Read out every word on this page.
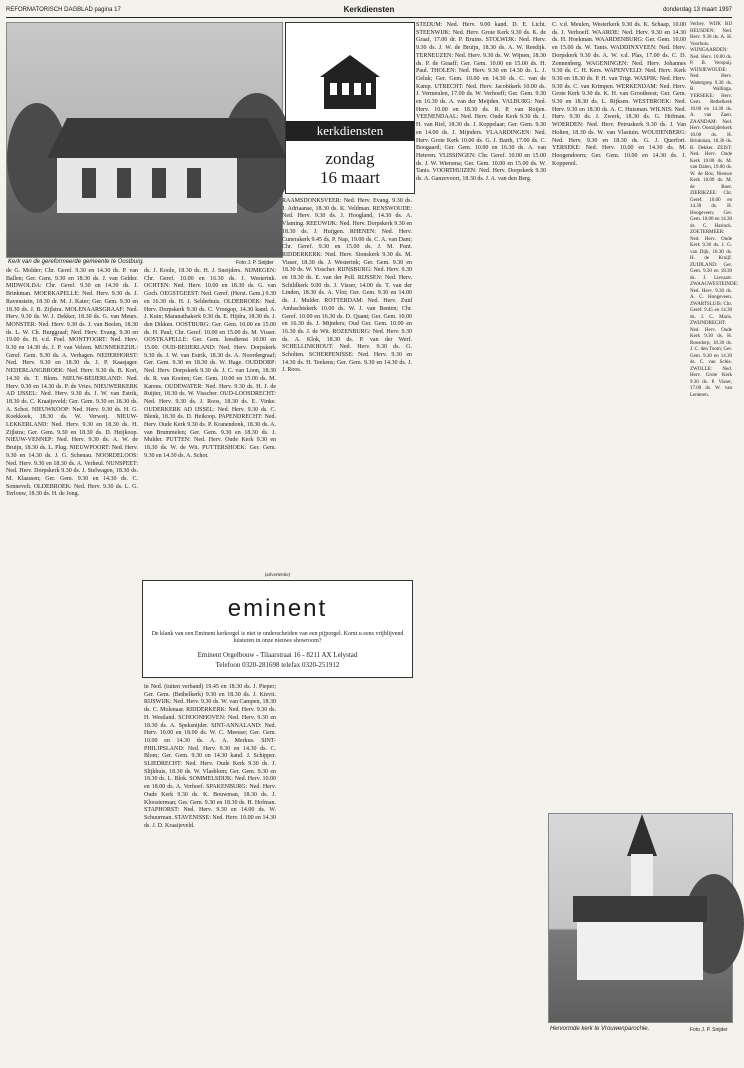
REFORMATORISCH DAGBLAD pagina 17	Kerkdiensten	donderdag 13 maart 1997
Kerk van de gereformeerde gemeente te Oostburg.	Foto J. P. Snijder
kerkdiensten
zondag
16 maart
Hervormde kerk te Vrouwenparochie.	Foto J. P. Snijder
(advertentie)
eminent
De klank van een Eminent kerkorgel is niet te onderscheiden van een pijporgel. Komt u eens vrijblijvend luisteren in onze nieuwe showroom?
Eminent Orgelbouw - Tilaarstraat 16 - 8211 AX Lelystad
Telefoon 0320-281698 telefax 0320-251912

de G. Molder; Chr. Geref. 9.30 en 14.30 ds. P. van Ballen; Ger. Gem. 9.30 en 18.30 ds. J. van Gelder. MIDWOLDA: Chr. Geref. 9.30 en 14.30 ds. J. Brinkman. MOERKAPELLE: Ned. Herv. 9.30 ds. J. Ravenstein, 18.30 dr. M. J. Kater; Ger. Gem. 9.30 en 18.30 ds. J. B. Zijlstra. MOLENAARSGRAAF: Ned. Herv. 9.30 ds. W. J. Dekker, 18.30 ds. G. van Meurs. MONSTER: Ned. Herv. 9.30 ds. J. van Beelen, 18.30 ds. L. W. Ch. Burggraaf; Ned. Herv. Evang. 9.30 en 19.00 ds. H. v.d. Poel. MONTFOORT: Ned. Herv. 9.30 en 14.30 ds. J. P. van Velzen. MUNNEKEZIJL: Geref. Gem. 9.30 ds. A. Verhagen. NEDERHORST: Ned. Herv. 9.30 en 18.30 ds. J. P. Kaasjager. NEDERLANGBROEK: Ned. Herv. 9.30 ds. B. Kort, 14.30 ds. T. Blom. NIEUW-BEIJERLAND: Ned. Herv. 9.30 en 14.30 ds. P. de Vries. NIEUWERKERK AD IJSSEL: Ned. Herv. 9.30 ds. J. W. van Estrik, 18.30 ds. C. Kraaijeveld; Ger. Gem. 9.30 en 18.30 ds. A. Schot. NIEUWKOOP: Ned. Herv. 9.30 ds. H. G. Koekkoek, 18.30 ds. W. Verweij. NIEUW-LEKKERLAND: Ned. Herv. 9.30 en 18.30 ds. H. Zijlstra; Ger. Gem. 9.30 en 18.30 ds. D. Heijkoop. NIEUW-VENNEP: Ned. Herv. 9.30 ds. A. W. de Bruijn, 18.30 ds. L. Plug. NIEUWPOORT: Ned. Herv. 9.30 en 14.30 ds. J. G. Schenau. NOORDELOOS: Ned. Herv. 9.30 en 18.30 ds. A. Verheul. NUNSPEET: Ned. Herv. Dorpskerk 9.30 ds. J. Stelwagen, 18.30 ds. M. Klaassen; Ger. Gem. 9.30 en 14.30 ds. C. Sonnevelt. OLDEBROEK: Ned. Herv. 9.30 ds. L. G. Terlouw, 18.30 ds. H. de Jong.

ds. J. Koole, 18.30 ds. H. J. Sneijders. NIJMEGEN: Chr. Geref. 10.00 en 16.30 ds. J. Westerink. OCHTEN: Ned. Herv. 10.00 en 18.30 ds. G. van Goch. OEGSTGEEST: Ned. Geref. (Herst. Gem.) 9.30 en 16.30 ds. H. J. Selderhuis. OLDEBROEK: Ned. Herv. Dorpskerk 9.30 ds. C. Vroegop, 14.30 kand. A. J. Kuin; Maranathakerk 9.30 ds. E. Hijdra, 18.30 ds. J. den Dikken. OOSTBURG: Ger. Gem. 10.00 en 15.00 ds. H. Paul; Chr. Geref. 10.00 en 15.00 ds. M. Visser. OOSTKAPELLE: Ger. Gem. leesdienst 10.00 en 15.00. OUD-BEIJERLAND: Ned. Herv. Dorpskerk 9.30 ds. J. W. van Estrik, 18.30 ds. A. Noordergraaf; Ger. Gem. 9.30 en 18.30 ds. W. Hage. OUDDORP: Ned. Herv. Dorpskerk 9.30 ds. J. C. van Loon, 18.30 ds. R. van Kooten; Ger. Gem. 10.00 en 15.00 ds. M. Karens. OUDEWATER: Ned. Herv. 9.30 ds. H. J. de Ruijter, 18.30 ds. W. Visscher. OUD-LOOSDRECHT: Ned. Herv. 9.30 ds. J. Roos, 18.30 ds. E. Vinke. OUDERKERK AD IJSSEL: Ned. Herv. 9.30 ds. C. Blenk, 18.30 ds. D. Heikoop. PAPENDRECHT: Ned. Herv. Oude Kerk 9.30 ds. P. Kranendonk, 18.30 ds. A. van Brummelen; Ger. Gem. 9.30 en 18.30 ds. J. Mulder. PUTTEN: Ned. Herv. Oude Kerk 9.30 en 18.30 ds. W. de Wit. PUTTERSHOEK: Ger. Gem. 9.30 en 14.30 ds. A. Schot.

RAAMSDONKSVEER: Ned. Herv. Evang. 9.30 ds. J. Adriaanse, 18.30 ds. K. Veldman. RENSWOUDE: Ned. Herv. 9.30 ds. J. Hoogland, 14.30 ds. A. Vlaming. REEUWIJK: Ned. Herv. Dorpskerk 9.30 en 18.30 ds. J. Huijgen. RHENEN: Ned. Herv. Cunerakerk 9.45 ds. P. Nap, 19.00 ds. C. A. van Dam; Chr. Geref. 9.30 en 15.00 ds. J. M. Punt. RIDDERKERK: Ned. Herv. Sionskerk 9.30 ds. M. Visser, 18.30 ds. J. Westerink; Ger. Gem. 9.30 en 18.30 ds. W. Visscher. RIJNSBURG: Ned. Herv. 9.30 en 18.30 ds. E. van der Poll. RIJSSEN: Ned. Herv. Schildkerk 9.00 ds. J. Visser, 14.00 ds. T. van der Linden, 18.30 ds. A. Vlot; Ger. Gem. 9.30 en 14.00 ds. J. Mulder. ROTTERDAM: Ned. Herv. Zuid Ambachtskerk 10.00 ds. W. J. van Benten; Chr. Geref. 10.00 en 16.30 ds. D. Quant; Ger. Gem. 10.00 en 16.30 ds. J. Mijnders; Oud Ger. Gem. 10.00 en 16.30 ds. J. de Wit. ROZENBURG: Ned. Herv. 9.30 ds. A. Klok, 18.30 ds. P. van der Werf. SCHELLINKHOUT: Ned. Herv. 9.30 ds. G. Scholten. SCHERPENISSE: Ned. Herv. 9.30 en 14.30 ds. H. Teekens; Ger. Gem. 9.30 en 14.30 ds. J. J. Roos.

in Ned. (tuiten verband) 19.45 en 18.30 ds. J. Pieper; Ger. Gem. (Bethelkerk) 9.30 en 18.30 ds. J. Kievit. RIJSWIJK: Ned. Herv. 9.30 ds. W. van Campen, 18.30 ds. C. Molenaar. RIDDERKERK: Ned. Herv. 9.30 ds. H. Westland. SCHOONHOVEN: Ned. Herv. 9.30 en 18.30 ds. A. Speksnijder. SINT-ANNALAND: Ned. Herv. 10.00 en 18.00 ds. W. C. Meeuse; Ger. Gem. 10.00 en 14.30 ds. A. A. Merkus. SINT-PHILIPSLAND: Ned. Herv. 9.30 en 14.30 ds. C. Blom; Ger. Gem. 9.30 en 14.30 kand. J. Schipper. SLIEDRECHT: Ned. Herv. Oude Kerk 9.30 ds. J. Slijkhuis, 18.30 ds. W. Vlasblom; Ger. Gem. 9.30 en 18.30 ds. L. Blok. SOMMELSDIJK: Ned. Herv. 10.00 en 18.00 ds. A. Verhoef. SPAKENBURG: Ned. Herv. Oude Kerk 9.30 ds. K. Bouwman, 18.30 ds. J. Kloosterman; Ger. Gem. 9.30 en 18.30 ds. H. Hofman. STAPHORST: Ned. Herv. 9.30 en 14.00 ds. W. Schuurman. STAVENISSE: Ned. Herv. 10.00 en 14.30 ds. J. D. Kraaijeveld.

STEDUM: Ned. Herv. 9.00 kand. D. E. Licht. STEENWIJK: Ned. Herv. Grote Kerk 9.30 ds. K. de Graaf, 17.00 dr. P. Bruins. STOLWIJK: Ned. Herv. 9.30 ds. J. W. de Bruijn, 18.30 ds. A. W. Reedijk. TERNEUZEN: Ned. Herv. 9.30 ds. W. Wijnen, 18.30 ds. P. de Graaff; Ger. Gem. 10.00 en 15.00 ds. H. Paul. THOLEN: Ned. Herv. 9.30 en 14.30 ds. L. J. Geluk; Ger. Gem. 10.00 en 14.30 ds. C. van de Kamp. UTRECHT: Ned. Herv. Jacobikerk 10.00 ds. J. Vermeulen, 17.00 ds. W. Verhoeff; Ger. Gem. 9.30 en 16.30 ds. A. van der Meijden. VALBURG: Ned. Herv. 10.00 en 18.30 ds. R. P. van Roijen. VEENENDAAL: Ned. Herv. Oude Kerk 9.30 ds. J. H. van Riel, 18.30 ds. J. Koppelaar; Ger. Gem. 9.30 en 14.00 ds. J. Mijnders. VLAARDINGEN: Ned. Herv. Grote Kerk 10.00 ds. G. J. Barth, 17.00 ds. C. Boogaard; Ger. Gem. 10.00 en 16.30 ds. A. van Heteren. VLISSINGEN: Chr. Geref. 10.00 en 15.00 ds. J. W. Wiersma; Ger. Gem. 10.00 en 15.00 ds. W. Tanis. VOORTHUIZEN: Ned. Herv. Dorpskerk 9.30 ds. A. Ganzevoort, 18.30 ds. J. A. van den Berg.

C. v.d. Meulen, Westerkerk 9.30 ds. K. Schaap, 10.00 ds. J. Verhoeff. WAARDE: Ned. Herv. 9.30 en 14.30 ds. H. Hoekman. WAARDENBURG: Ger. Gem. 10.00 en 15.00 ds. W. Tanis. WADDINXVEEN: Ned. Herv. Dorpskerk 9.30 ds. A. W. v.d. Plas, 17.00 ds. C. D. Zonnenberg. WAGENINGEN: Ned. Herv. Johannes 9.30 ds. C. H. Kers. WAPENVELD: Ned. Herv. Kerk 9.30 en 18.30 ds. P. H. van Trigt. WASPIK: Ned. Herv. 9.30 ds. C. van Krimpen. WERKENDAM: Ned. Herv. Grote Kerk 9.30 ds. K. H. van Grootheest; Ger. Gem. 9.30 en 18.30 ds. L. Rijksen. WESTBROEK: Ned. Herv. 9.30 en 18.30 ds. A. C. Huisman. WILNIS: Ned. Herv. 9.30 ds. J. Zwerk, 18.30 ds. G. Hofman. WOERDEN: Ned. Herv. Petruskerk 9.30 ds. J. Van Holten, 18.30 ds. W. van Vlastuin. WOUDENBERG: Ned. Herv. 9.30 en 18.30 ds. G. J. Querfort. YERSEKE: Ned. Herv. 10.00 en 14.30 ds. M. Hoogendoorn; Ger. Gem. 10.00 en 14.30 ds. J. Koppenol.

Verhey. WIJK BIJ HEUSDEN: Ned. Herv. 9.30 ds. A. H. Voorhuis. WIJNGAARDEN: Ned. Herv. 10.00 ds. P. B. Verspuij. WIJNJEWOUDE: Ned. Herv. Wattergrep 9.30 ds. B. Wallinga. YERSEKE: Herv. Gem. Bethelkerk 10.00 en 14.30 ds. A. van Zaen. ZAANDAM: Ned. Herv. Oostzijderkerk 10.00 ds. H. Brinkman, 18.30 ds. B. Dekker. ZEIST: Ned. Herv. Oude Kerk 10.00 ds. M. van Dalen, 19.00 ds. W. de Bos; Nieuwe Kerk 10.00 ds. M. de Boer. ZIERIKZEE: Chr. Geref. 10.00 en 14.30 ds. H. Hoogeveen; Ger. Gem. 10.00 en 14.30 ds. C. Harinck. ZOETERMEER: Ned. Herv. Oude Kerk 9.30 ds. J. G. van Dijk, 18.30 ds. H. de Kruijf. ZUIDLAND: Ger. Gem. 9.30 en 18.30 ds. J. Lievaart. ZWAAGWESTEINDE: Ned. Herv. 9.30 ds. A. C. Hoogeveen. ZWARTSLUIS: Chr. Geref. 9.45 en 14.30 ds. J. C. Maris. ZWIJNDRECHT: Ned. Herv. Oude Kerk 9.30 ds. H. Roosdorp, 18.30 ds. J. C. den Toom; Ger. Gem. 9.30 en 14.30 ds. C. van Schie. ZWOLLE: Ned. Herv. Grote Kerk 9.30 ds. P. Visser, 17.00 ds. W. van Lenteren.
